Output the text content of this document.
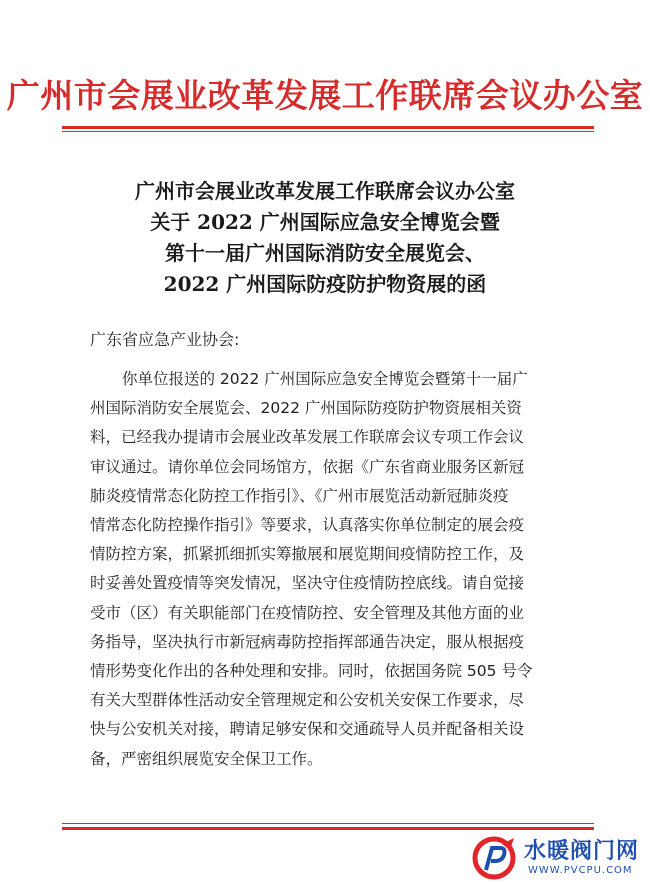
广州市会展业改革发展工作联席会议办公室
广州市会展业改革发展工作联席会议办公室
关于 2022 广州国际应急安全博览会暨
第十一届广州国际消防安全展览会、
2022 广州国际防疫防护物资展的函
广东省应急产业协会:
你单位报送的 2022 广州国际应急安全博览会暨第十一届广
州国际消防安全展览会、2022 广州国际防疫防护物资展相关资
料，已经我办提请市会展业改革发展工作联席会议专项工作会议
审议通过。请你单位会同场馆方，依据《广东省商业服务区新冠
肺炎疫情常态化防控工作指引》、《广州市展览活动新冠肺炎疫
情常态化防控操作指引》等要求，认真落实你单位制定的展会疫
情防控方案，抓紧抓细抓实筹撤展和展览期间疫情防控工作，及
时妥善处置疫情等突发情况，坚决守住疫情防控底线。请自觉接
受市（区）有关职能部门在疫情防控、安全管理及其他方面的业
务指导，坚决执行市新冠病毒防控指挥部通告决定，服从根据疫
情形势变化作出的各种处理和安排。同时，依据国务院 505 号令
有关大型群体性活动安全管理规定和公安机关安保工作要求，尽
快与公安机关对接，聘请足够安保和交通疏导人员并配备相关设
备，严密组织展览安全保卫工作。
水暖阀门网
WWW.PVCPU.COM
